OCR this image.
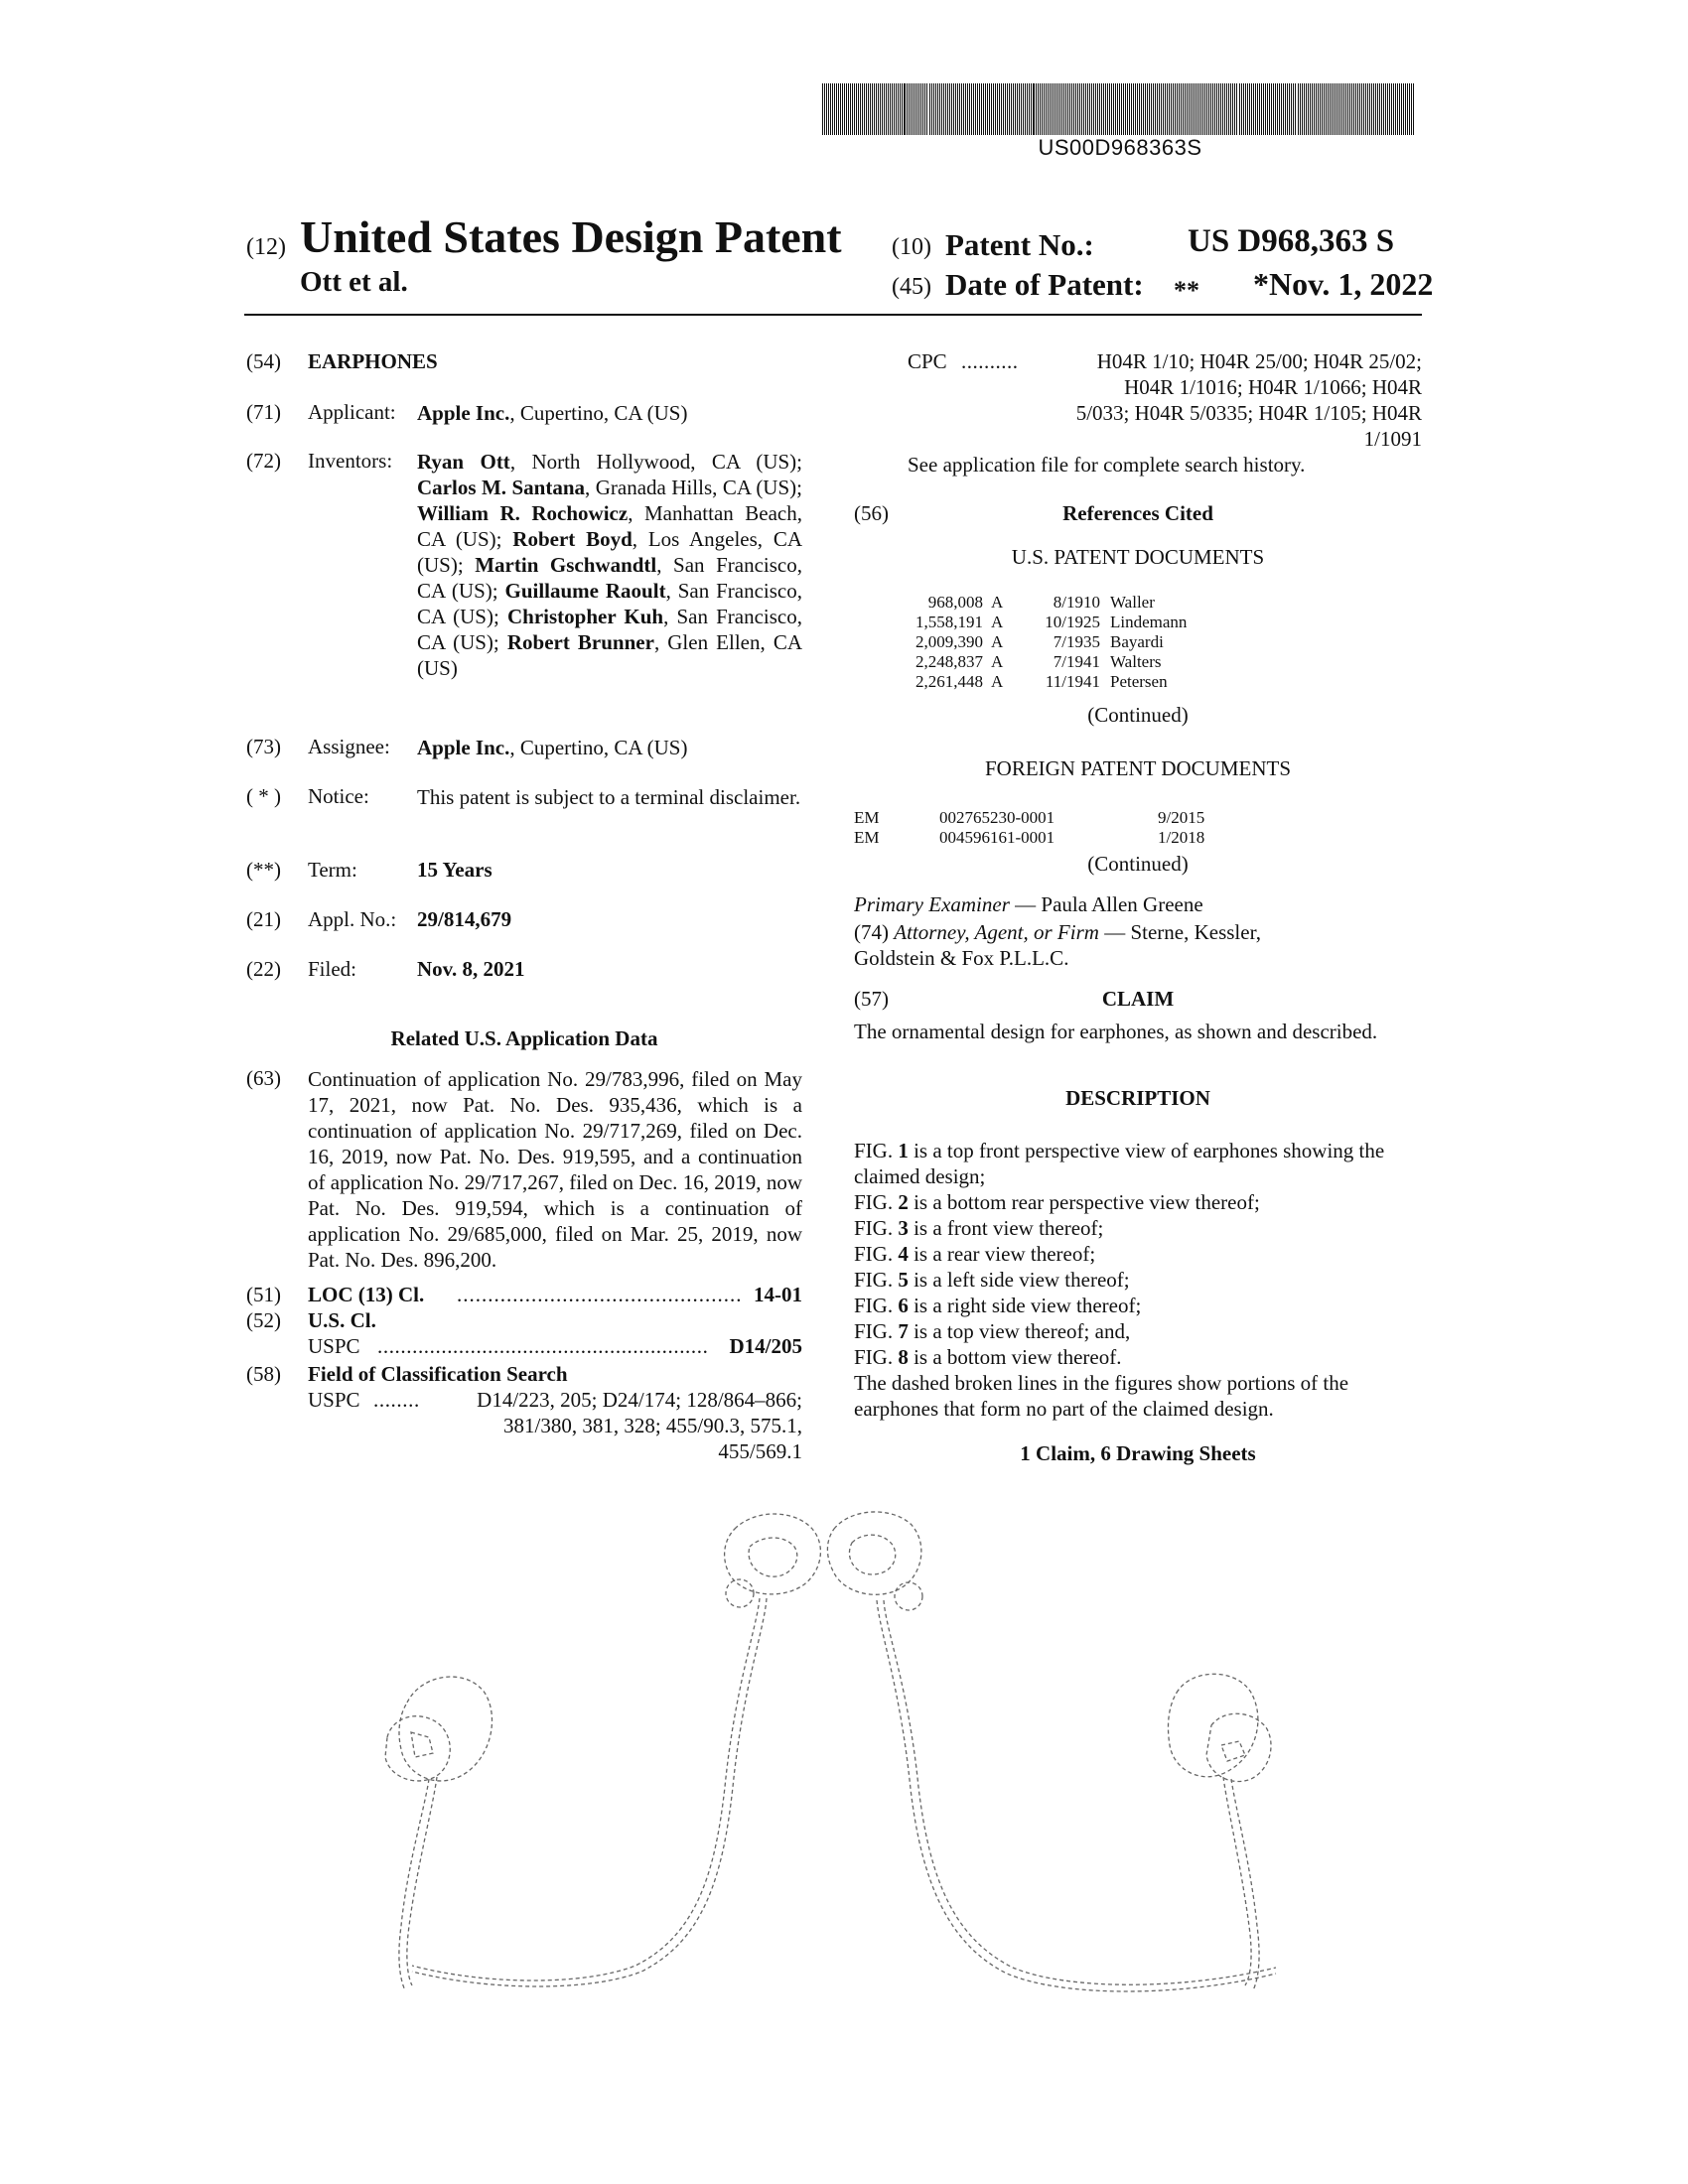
US00D968363S
(12) United States Design Patent
Ott et al.
(10) Patent No.:	US D968,363 S
(45) Date of Patent: ** *Nov. 1, 2022
(54) EARPHONES
(71) Applicant: Apple Inc., Cupertino, CA (US)
(72) Inventors: Ryan Ott, North Hollywood, CA (US); Carlos M. Santana, Granada Hills, CA (US); William R. Rochowicz, Manhattan Beach, CA (US); Robert Boyd, Los Angeles, CA (US); Martin Gschwandtl, San Francisco, CA (US); Guillaume Raoult, San Francisco, CA (US); Christopher Kuh, San Francisco, CA (US); Robert Brunner, Glen Ellen, CA (US)
(73) Assignee: Apple Inc., Cupertino, CA (US)
( * ) Notice: This patent is subject to a terminal disclaimer.
(**) Term:	15 Years
(21) Appl. No.: 29/814,679
(22) Filed:	Nov. 8, 2021
Related U.S. Application Data
(63) Continuation of application No. 29/783,996, filed on May 17, 2021, now Pat. No. Des. 935,436, which is a continuation of application No. 29/717,269, filed on Dec. 16, 2019, now Pat. No. Des. 919,595, and a continuation of application No. 29/717,267, filed on Dec. 16, 2019, now Pat. No. Des. 919,594, which is a continuation of application No. 29/685,000, filed on Mar. 25, 2019, now Pat. No. Des. 896,200.
(51) LOC (13) Cl. .............................................. 14-01
(52) U.S. Cl.
USPC .........................................................	D14/205
(58) Field of Classification Search
USPC ........	D14/223, 205; D24/174; 128/864–866;
381/380, 381, 328; 455/90.3, 575.1,
455/569.1
CPC ..........	H04R 1/10; H04R 25/00; H04R 25/02;
H04R 1/1016; H04R 1/1066; H04R
5/033; H04R 5/0335; H04R 1/105; H04R
1/1091
See application file for complete search history.
(56)	References Cited
U.S. PATENT DOCUMENTS
968,008	A	8/1910	Waller
1,558,191	A	10/1925	Lindemann
2,009,390	A	7/1935	Bayardi
2,248,837	A	7/1941	Walters
2,261,448	A	11/1941	Petersen
(Continued)
FOREIGN PATENT DOCUMENTS
EM	002765230-0001	9/2015
EM	004596161-0001	1/2018
(Continued)
Primary Examiner — Paula Allen Greene
(74) Attorney, Agent, or Firm — Sterne, Kessler,
Goldstein & Fox P.L.L.C.
(57)	CLAIM
The ornamental design for earphones, as shown and described.
DESCRIPTION
FIG. 1 is a top front perspective view of earphones showing the claimed design;
FIG. 2 is a bottom rear perspective view thereof;
FIG. 3 is a front view thereof;
FIG. 4 is a rear view thereof;
FIG. 5 is a left side view thereof;
FIG. 6 is a right side view thereof;
FIG. 7 is a top view thereof; and,
FIG. 8 is a bottom view thereof.
The dashed broken lines in the figures show portions of the earphones that form no part of the claimed design.
1 Claim, 6 Drawing Sheets
